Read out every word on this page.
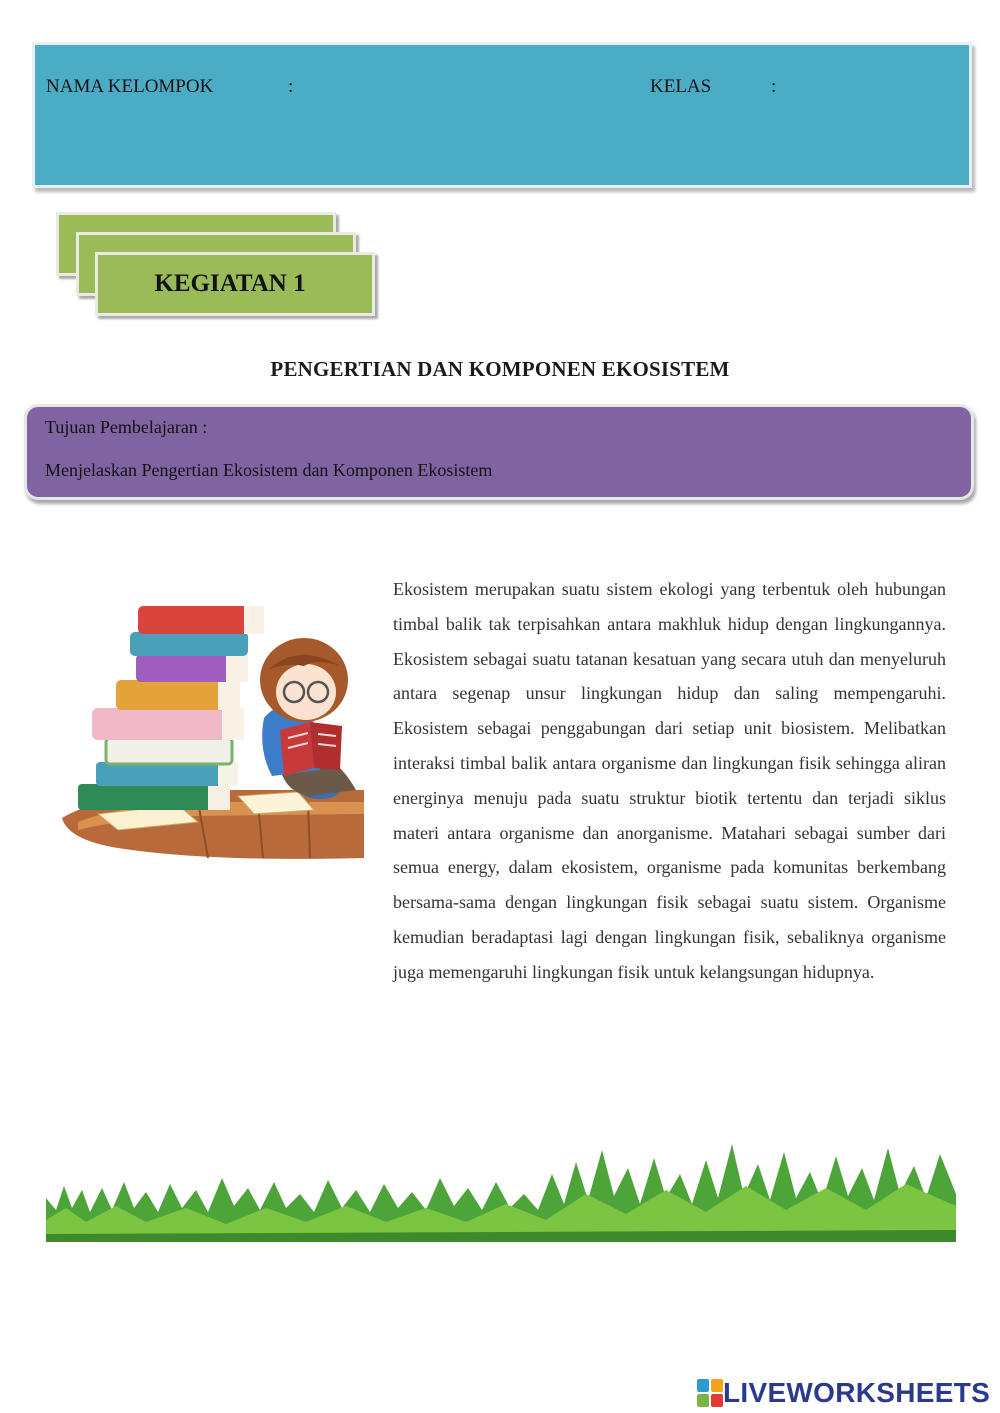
NAMA KELOMPOK	:	KELAS	:
KEGIATAN 1
PENGERTIAN DAN KOMPONEN EKOSISTEM
Tujuan Pembelajaran :
Menjelaskan Pengertian Ekosistem dan Komponen Ekosistem
Ekosistem merupakan suatu sistem ekologi yang terbentuk oleh hubungan timbal balik tak terpisahkan antara makhluk hidup dengan lingkungannya. Ekosistem sebagai suatu tatanan kesatuan yang secara utuh dan menyeluruh antara segenap unsur lingkungan hidup dan saling mempengaruhi. Ekosistem sebagai penggabungan dari setiap unit biosistem. Melibatkan interaksi timbal balik antara organisme dan lingkungan fisik sehingga aliran energinya menuju pada suatu struktur biotik tertentu dan terjadi siklus materi antara organisme dan anorganisme. Matahari sebagai sumber dari semua energy, dalam ekosistem, organisme pada komunitas berkembang bersama-sama dengan lingkungan fisik sebagai suatu sistem. Organisme kemudian beradaptasi lagi dengan lingkungan fisik, sebaliknya organisme juga memengaruhi lingkungan fisik untuk kelangsungan hidupnya.
LIVEWORKSHEETS
